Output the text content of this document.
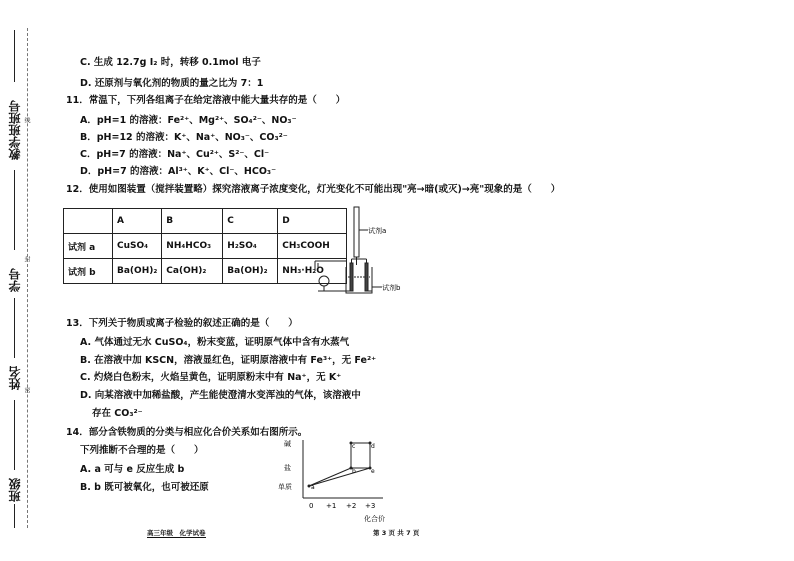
教学班班号 线
学号
封
姓名 密
班级
C. 生成 12.7g I₂ 时，转移 0.1mol 电子
D. 还原剂与氧化剂的物质的量之比为 7：1
11．常温下，下列各组离子在给定溶液中能大量共存的是（　　）
A．pH=1 的溶液：Fe²⁺、Mg²⁺、SO₄²⁻、NO₃⁻
B．pH=12 的溶液：K⁺、Na⁺、NO₃⁻、CO₃²⁻
C．pH=7 的溶液：Na⁺、Cu²⁺、S²⁻、Cl⁻
D．pH=7 的溶液：Al³⁺、K⁺、Cl⁻、HCO₃⁻
12．使用如图装置（搅拌装置略）探究溶液离子浓度变化，灯光变化不可能出现"亮→暗(或灭)→亮"现象的是（　　）
	A	B	C	D
试剂 a	CuSO₄	NH₄HCO₃	H₂SO₄	CH₃COOH
试剂 b	Ba(OH)₂	Ca(OH)₂	Ba(OH)₂	NH₃·H₂O
试剂a
试剂b
13．下列关于物质或离子检验的叙述正确的是（　　）
A. 气体通过无水 CuSO₄，粉末变蓝，证明原气体中含有水蒸气
B. 在溶液中加 KSCN，溶液显红色，证明原溶液中有 Fe³⁺，无 Fe²⁺
C. 灼烧白色粉末，火焰呈黄色，证明原粉末中有 Na⁺，无 K⁺
D. 向某溶液中加稀盐酸，产生能使澄清水变浑浊的气体，该溶液中
存在 CO₃²⁻
14．部分含铁物质的分类与相应化合价关系如右图所示。
下列推断不合理的是（　　）
A. a 可与 e 反应生成 b
B. b 既可被氧化，也可被还原
碱
盐
单质
0 +1 +2 +3
化合价
a
b
c	d
e
高三年级　化学试卷	第 3 页 共 7 页
